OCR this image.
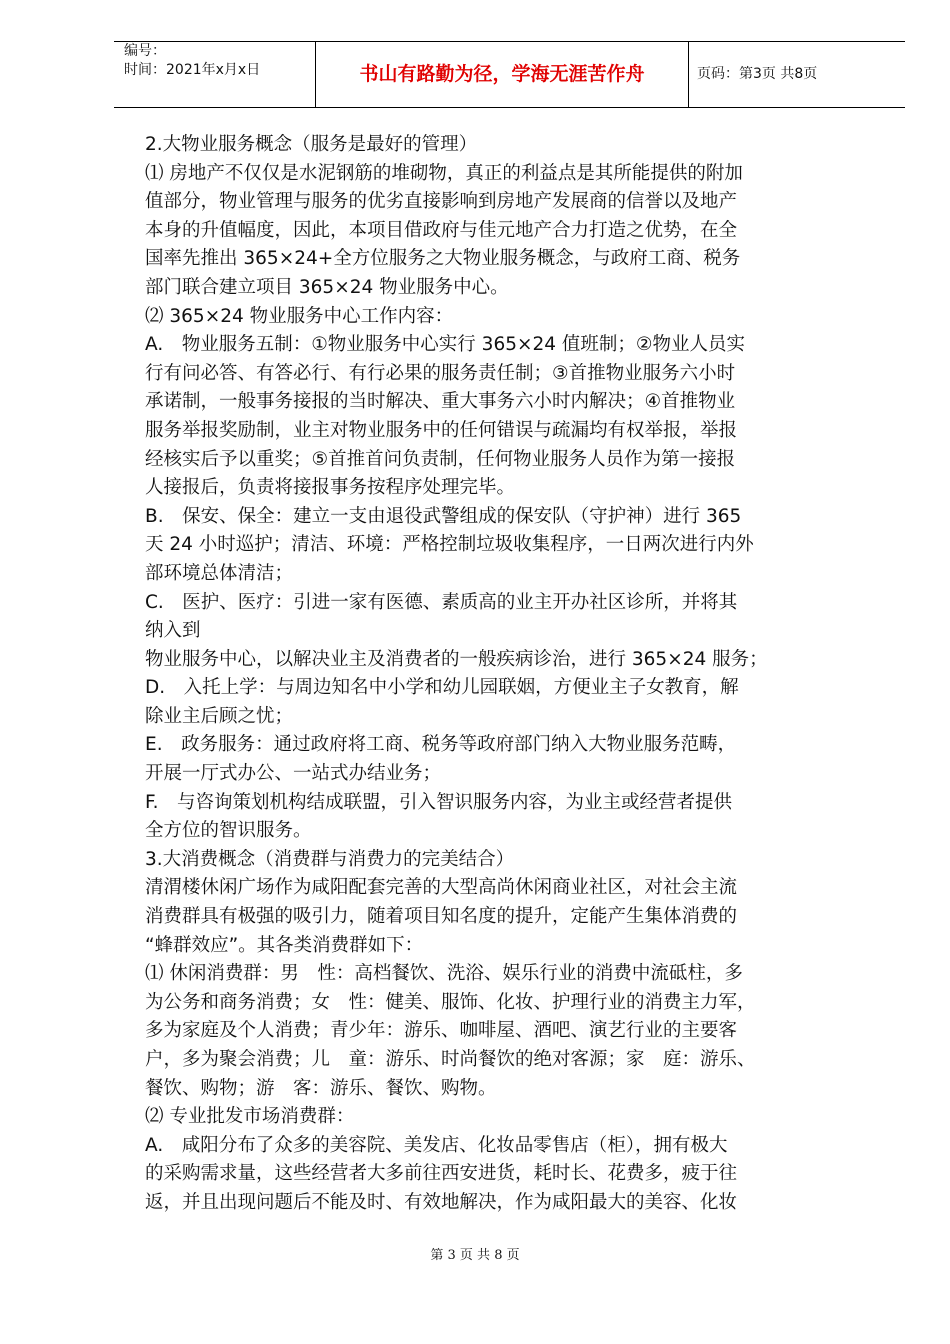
编号：
时间：2021年x月x日	书山有路勤为径，学海无涯苦作舟	页码：第3页 共8页

2.大物业服务概念（服务是最好的管理）

⑴ 房地产不仅仅是水泥钢筋的堆砌物，真正的利益点是其所能提供的附加

值部分，物业管理与服务的优劣直接影响到房地产发展商的信誉以及地产

本身的升值幅度，因此，本项目借政府与佳元地产合力打造之优势，在全

国率先推出 365×24+全方位服务之大物业服务概念，与政府工商、税务

部门联合建立项目 365×24 物业服务中心。

⑵ 365×24 物业服务中心工作内容：

A.　物业服务五制：①物业服务中心实行 365×24 值班制；②物业人员实

行有问必答、有答必行、有行必果的服务责任制；③首推物业服务六小时

承诺制，一般事务接报的当时解决、重大事务六小时内解决；④首推物业

服务举报奖励制，业主对物业服务中的任何错误与疏漏均有权举报，举报

经核实后予以重奖；⑤首推首问负责制，任何物业服务人员作为第一接报

人接报后，负责将接报事务按程序处理完毕。

B.　保安、保全：建立一支由退役武警组成的保安队（守护神）进行 365

天 24 小时巡护；清洁、环境：严格控制垃圾收集程序，一日两次进行内外

部环境总体清洁；

C.　医护、医疗：引进一家有医德、素质高的业主开办社区诊所，并将其

纳入到

物业服务中心，以解决业主及消费者的一般疾病诊治，进行 365×24 服务；

D.　入托上学：与周边知名中小学和幼儿园联姻，方便业主子女教育，解

除业主后顾之忧；

E.　政务服务：通过政府将工商、税务等政府部门纳入大物业服务范畴，

开展一厅式办公、一站式办结业务；

F.　与咨询策划机构结成联盟，引入智识服务内容，为业主或经营者提供

全方位的智识服务。

3.大消费概念（消费群与消费力的完美结合）

清渭楼休闲广场作为咸阳配套完善的大型高尚休闲商业社区，对社会主流

消费群具有极强的吸引力，随着项目知名度的提升，定能产生集体消费的

“蜂群效应”。其各类消费群如下：

⑴ 休闲消费群：男　性：高档餐饮、洗浴、娱乐行业的消费中流砥柱，多

为公务和商务消费；女　性：健美、服饰、化妆、护理行业的消费主力军，

多为家庭及个人消费；青少年：游乐、咖啡屋、酒吧、演艺行业的主要客

户，多为聚会消费；儿　童：游乐、时尚餐饮的绝对客源；家　庭：游乐、

餐饮、购物；游　客：游乐、餐饮、购物。

⑵ 专业批发市场消费群：

A.　咸阳分布了众多的美容院、美发店、化妆品零售店（柜），拥有极大

的采购需求量，这些经营者大多前往西安进货，耗时长、花费多，疲于往

返，并且出现问题后不能及时、有效地解决，作为咸阳最大的美容、化妆

第 3 页 共 8 页
